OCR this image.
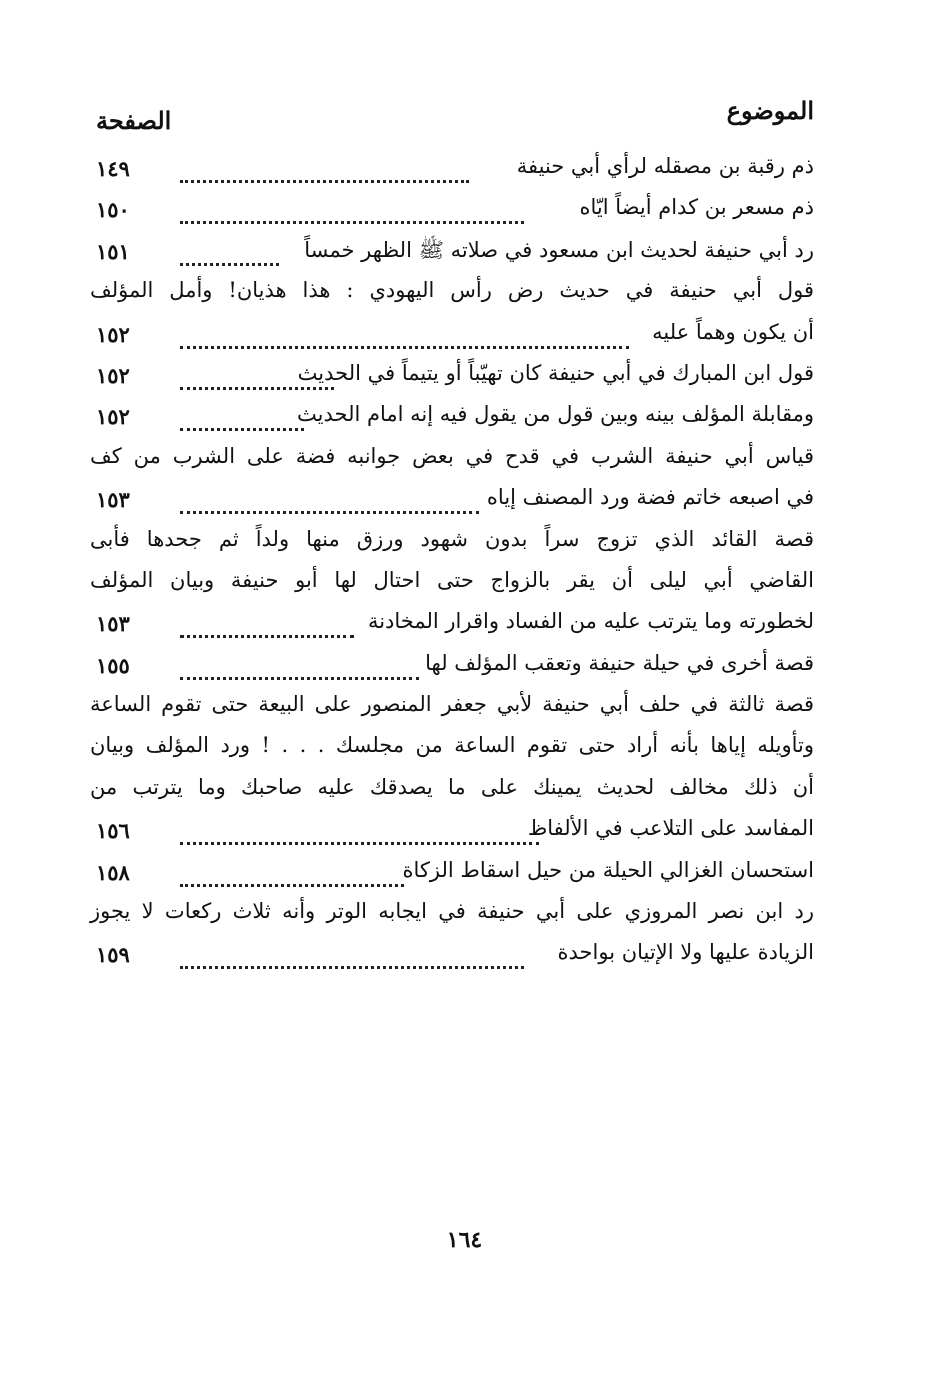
الموضوع
الصفحة
ذم رقبة بن مصقله لرأي أبي حنيفة
١٤٩
ذم مسعر بن كدام أيضاً ايّاه
١٥٠
رد أبي حنيفة لحديث ابن مسعود في صلاته ﷺ الظهر خمساً
١٥١
قول أبي حنيفة في حديث رض رأس اليهودي : هذا هذيان! وأمل المؤلف
أن يكون وهماً عليه
١٥٢
قول ابن المبارك في أبي حنيفة كان تهيّباً أو يتيماً في الحديث
١٥٢
ومقابلة المؤلف بينه وبين قول من يقول فيه إنه امام الحديث
١٥٢
قياس أبي حنيفة الشرب في قدح في بعض جوانبه فضة على الشرب من كف
في اصبعه خاتم فضة ورد المصنف إياه
١٥٣
قصة القائد الذي تزوج سراً بدون شهود ورزق منها ولداً ثم جحدها فأبى
القاضي أبي ليلى أن يقر بالزواج حتى احتال لها أبو حنيفة وبيان المؤلف
لخطورته وما يترتب عليه من الفساد واقرار المخادنة
١٥٣
قصة أخرى في حيلة حنيفة وتعقب المؤلف لها
١٥٥
قصة ثالثة في حلف أبي حنيفة لأبي جعفر المنصور على البيعة حتى تقوم الساعة
وتأويله إياها بأنه أراد حتى تقوم الساعة من مجلسك . . . ! ورد المؤلف وبيان
أن ذلك مخالف لحديث يمينك على ما يصدقك عليه صاحبك وما يترتب من
المفاسد على التلاعب في الألفاظ
١٥٦
استحسان الغزالي الحيلة من حيل اسقاط الزكاة
١٥٨
رد ابن نصر المروزي على أبي حنيفة في ايجابه الوتر وأنه ثلاث ركعات لا يجوز
الزيادة عليها ولا الإتيان بواحدة
١٥٩
١٦٤
